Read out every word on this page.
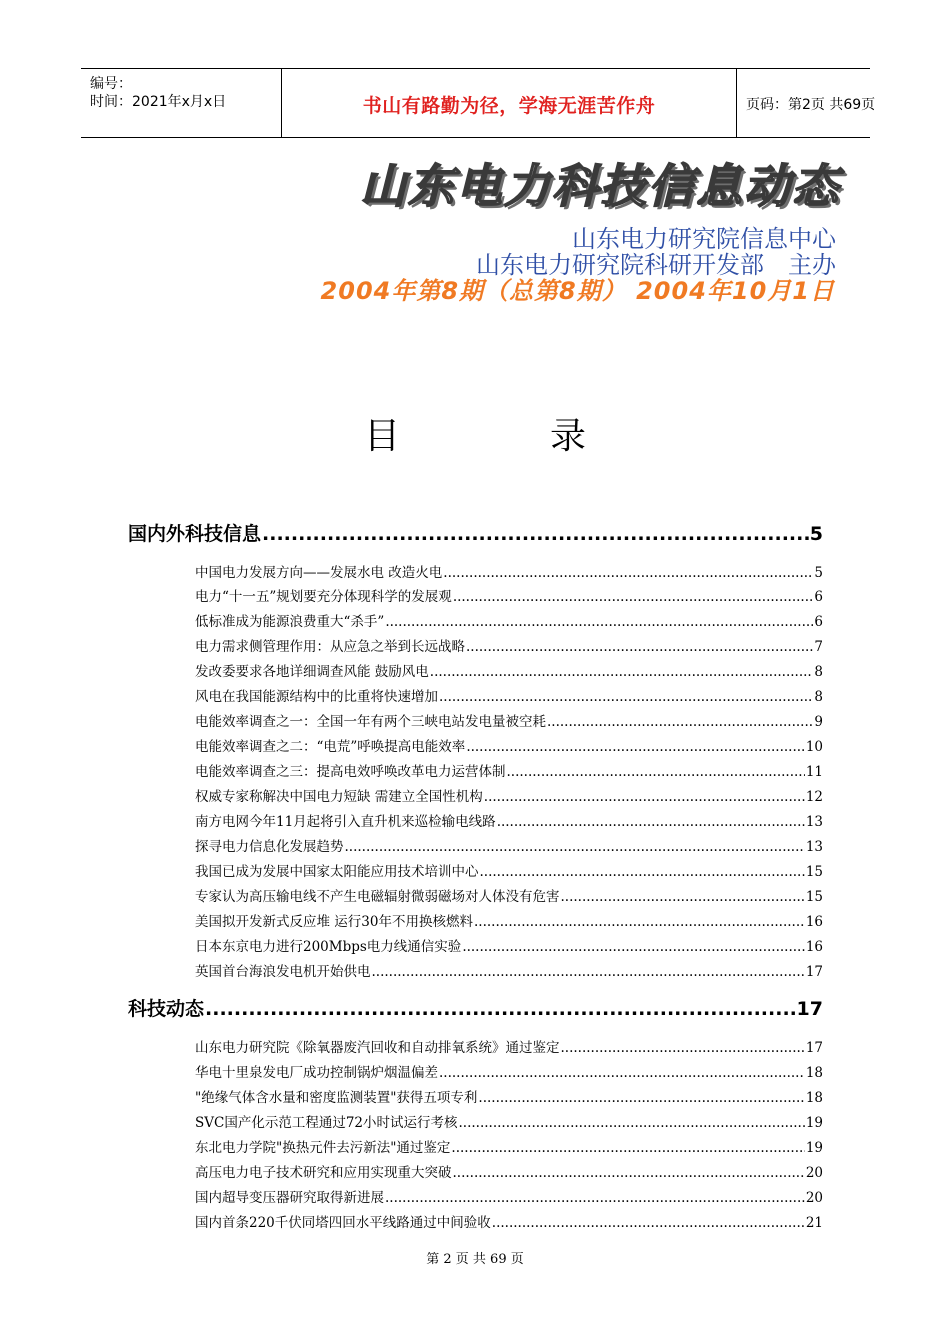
编号：
时间：2021年x月x日	书山有路勤为径，学海无涯苦作舟	页码：第2页 共69页
山东电力科技信息动态
山东电力研究院信息中心
山东电力研究院科研开发部　主办
2004年第8期（总第8期） 2004年10月1日
目录
国内外科技信息 .....	5
中国电力发展方向——发展水电 改造火电 .....	5
电力“十一五”规划要充分体现科学的发展观 .....	6
低标准成为能源浪费重大“杀手” .....	6
电力需求侧管理作用：从应急之举到长远战略 .....	7
发改委要求各地详细调查风能 鼓励风电 .....	8
风电在我国能源结构中的比重将快速增加 .....	8
电能效率调查之一：全国一年有两个三峡电站发电量被空耗 .....	9
电能效率调查之二：“电荒”呼唤提高电能效率 .....	10
电能效率调查之三：提高电效呼唤改革电力运营体制 .....	11
权威专家称解决中国电力短缺 需建立全国性机构 .....	12
南方电网今年11月起将引入直升机来巡检输电线路 .....	13
探寻电力信息化发展趋势 .....	13
我国已成为发展中国家太阳能应用技术培训中心 .....	15
专家认为高压输电线不产生电磁辐射微弱磁场对人体没有危害 .....	15
美国拟开发新式反应堆 运行30年不用换核燃料 .....	16
日本东京电力进行200Mbps电力线通信实验 .....	16
英国首台海浪发电机开始供电 .....	17
科技动态 .....	17
山东电力研究院《除氧器废汽回收和自动排氧系统》通过鉴定 .....	17
华电十里泉发电厂成功控制锅炉烟温偏差 .....	18
"绝缘气体含水量和密度监测装置"获得五项专利 .....	18
SVC国产化示范工程通过72小时试运行考核 .....	19
东北电力学院"换热元件去污新法"通过鉴定 .....	19
高压电力电子技术研究和应用实现重大突破 .....	20
国内超导变压器研究取得新进展 .....	20
国内首条220千伏同塔四回水平线路通过中间验收 .....	21
第 2 页 共 69 页
